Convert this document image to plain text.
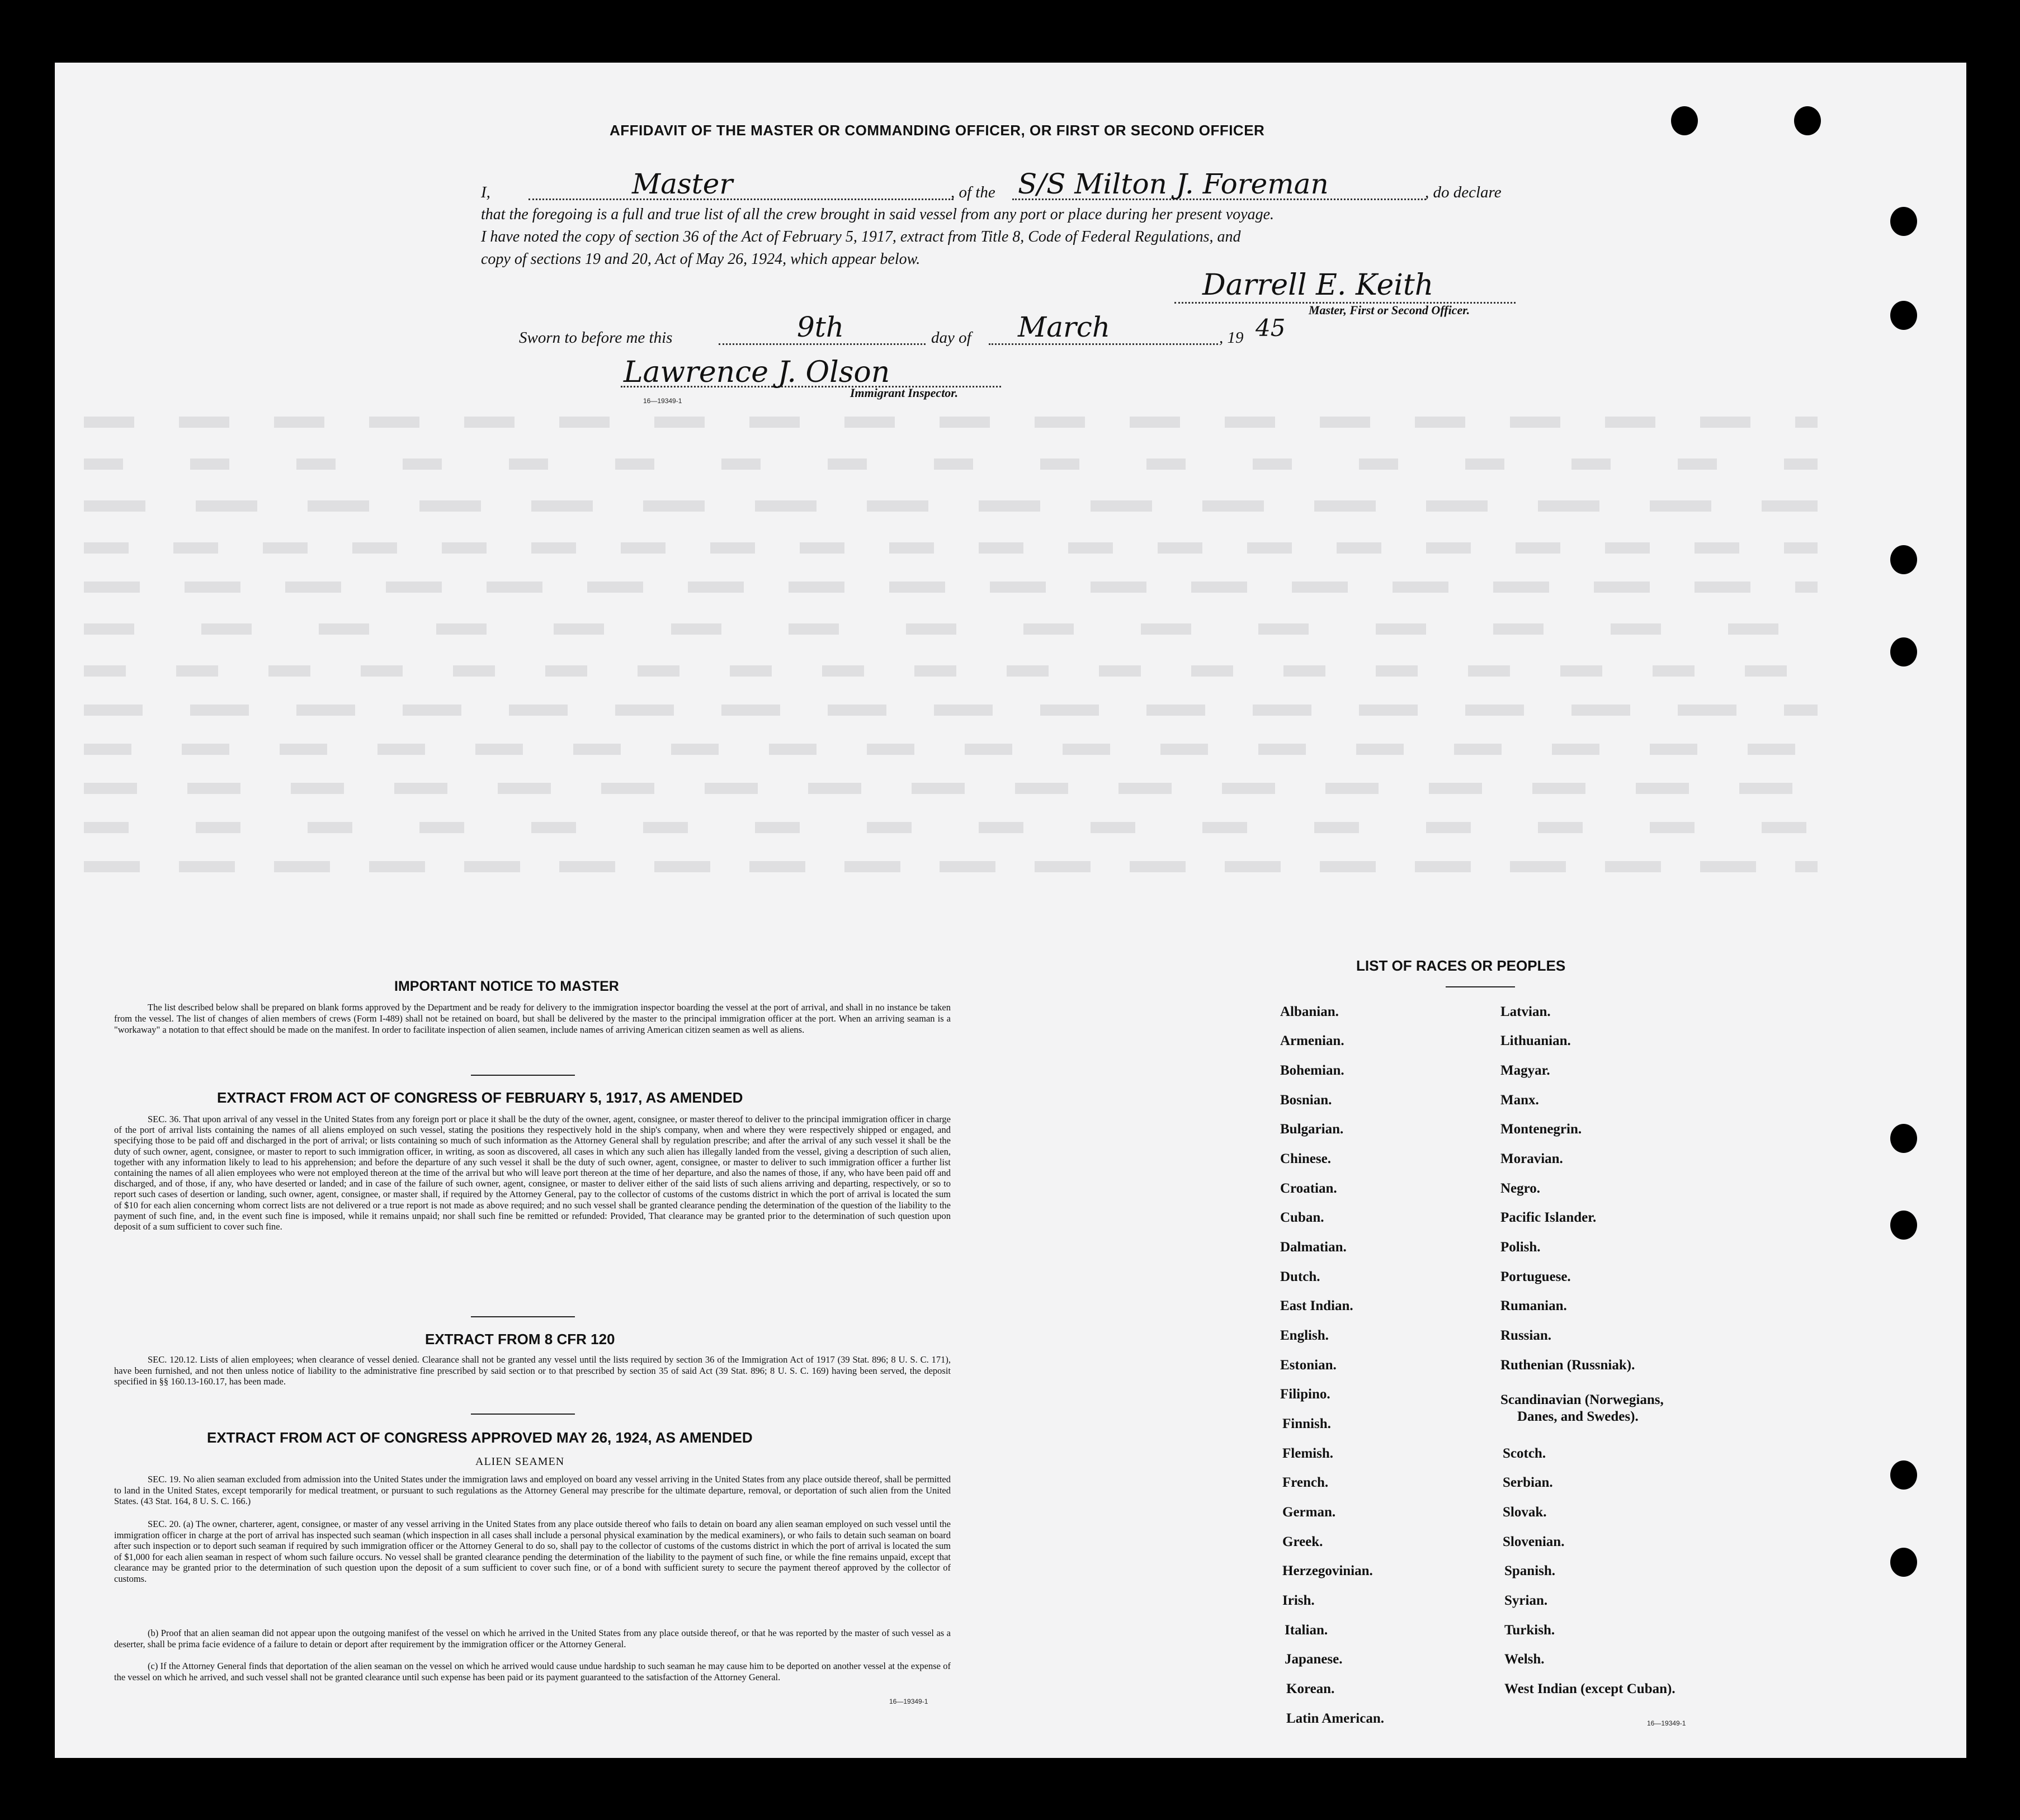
AFFIDAVIT OF THE MASTER OR COMMANDING OFFICER, OR FIRST OR SECOND OFFICER
I,	Master	, of the S/S Milton J. Foreman	, do declare
that the foregoing is a full and true list of all the crew brought in said vessel from any port or place during her present voyage.
I have noted the copy of section 36 of the Act of February 5, 1917, extract from Title 8, Code of Federal Regulations, and
copy of sections 19 and 20, Act of May 26, 1924, which appear below.
Darrell E. Keith
Master, First or Second Officer.
Sworn to before me this	9th	day of March	, 19 45
Lawrence J. Olson
16—19349-1
Immigrant Inspector.
IMPORTANT NOTICE TO MASTER
The list described below shall be prepared on blank forms approved by the Department and be ready for delivery to the immigration inspector boarding the vessel at the port of arrival, and shall in no instance be taken from the vessel. The list of changes of alien members of crews (Form I-489) shall not be retained on board, but shall be delivered by the master to the principal immigration officer at the port. When an arriving seaman is a "workaway" a notation to that effect should be made on the manifest. In order to facilitate inspection of alien seamen, include names of arriving American citizen seamen as well as aliens.
EXTRACT FROM ACT OF CONGRESS OF FEBRUARY 5, 1917, AS AMENDED
SEC. 36. That upon arrival of any vessel in the United States from any foreign port or place it shall be the duty of the owner, agent, consignee, or master thereof to deliver to the principal immigration officer in charge of the port of arrival lists containing the names of all aliens employed on such vessel, stating the positions they respectively hold in the ship's company, when and where they were respectively shipped or engaged, and specifying those to be paid off and discharged in the port of arrival; or lists containing so much of such information as the Attorney General shall by regulation prescribe; and after the arrival of any such vessel it shall be the duty of such owner, agent, consignee, or master to report to such immigration officer, in writing, as soon as discovered, all cases in which any such alien has illegally landed from the vessel, giving a description of such alien, together with any information likely to lead to his apprehension; and before the departure of any such vessel it shall be the duty of such owner, agent, consignee, or master to deliver to such immigration officer a further list containing the names of all alien employees who were not employed thereon at the time of the arrival but who will leave port thereon at the time of her departure, and also the names of those, if any, who have been paid off and discharged, and of those, if any, who have deserted or landed; and in case of the failure of such owner, agent, consignee, or master to deliver either of the said lists of such aliens arriving and departing, respectively, or so to report such cases of desertion or landing, such owner, agent, consignee, or master shall, if required by the Attorney General, pay to the collector of customs of the customs district in which the port of arrival is located the sum of $10 for each alien concerning whom correct lists are not delivered or a true report is not made as above required; and no such vessel shall be granted clearance pending the determination of the question of the liability to the payment of such fine, and, in the event such fine is imposed, while it remains unpaid; nor shall such fine be remitted or refunded: Provided, That clearance may be granted prior to the determination of such question upon deposit of a sum sufficient to cover such fine.
EXTRACT FROM 8 CFR 120
SEC. 120.12. Lists of alien employees; when clearance of vessel denied. Clearance shall not be granted any vessel until the lists required by section 36 of the Immigration Act of 1917 (39 Stat. 896; 8 U. S. C. 171), have been furnished, and not then unless notice of liability to the administrative fine prescribed by said section or to that prescribed by section 35 of said Act (39 Stat. 896; 8 U. S. C. 169) having been served, the deposit specified in §§ 160.13-160.17, has been made.
EXTRACT FROM ACT OF CONGRESS APPROVED MAY 26, 1924, AS AMENDED
ALIEN SEAMEN
SEC. 19. No alien seaman excluded from admission into the United States under the immigration laws and employed on board any vessel arriving in the United States from any place outside thereof, shall be permitted to land in the United States, except temporarily for medical treatment, or pursuant to such regulations as the Attorney General may prescribe for the ultimate departure, removal, or deportation of such alien from the United States. (43 Stat. 164, 8 U. S. C. 166.)
SEC. 20. (a) The owner, charterer, agent, consignee, or master of any vessel arriving in the United States from any place outside thereof who fails to detain on board any alien seaman employed on such vessel until the immigration officer in charge at the port of arrival has inspected such seaman (which inspection in all cases shall include a personal physical examination by the medical examiners), or who fails to detain such seaman on board after such inspection or to deport such seaman if required by such immigration officer or the Attorney General to do so, shall pay to the collector of customs of the customs district in which the port of arrival is located the sum of $1,000 for each alien seaman in respect of whom such failure occurs. No vessel shall be granted clearance pending the determination of the liability to the payment of such fine, or while the fine remains unpaid, except that clearance may be granted prior to the determination of such question upon the deposit of a sum sufficient to cover such fine, or of a bond with sufficient surety to secure the payment thereof approved by the collector of customs.
(b) Proof that an alien seaman did not appear upon the outgoing manifest of the vessel on which he arrived in the United States from any place outside thereof, or that he was reported by the master of such vessel as a deserter, shall be prima facie evidence of a failure to detain or deport after requirement by the immigration officer or the Attorney General.
(c) If the Attorney General finds that deportation of the alien seaman on the vessel on which he arrived would cause undue hardship to such seaman he may cause him to be deported on another vessel at the expense of the vessel on which he arrived, and such vessel shall not be granted clearance until such expense has been paid or its payment guaranteed to the satisfaction of the Attorney General.
16—19349-1
LIST OF RACES OR PEOPLES
Albanian.
Armenian.
Bohemian.
Bosnian.
Bulgarian.
Chinese.
Croatian.
Cuban.
Dalmatian.
Dutch.
East Indian.
English.
Estonian.
Filipino.
Finnish.
Flemish.
French.
German.
Greek.
Herzegovinian.
Irish.
Italian.
Japanese.
Korean.
Latin American.
Latvian.
Lithuanian.
Magyar.
Manx.
Montenegrin.
Moravian.
Negro.
Pacific Islander.
Polish.
Portuguese.
Rumanian.
Russian.
Ruthenian (Russniak).
Scandinavian (Norwegians,
Danes, and Swedes).
Scotch.
Serbian.
Slovak.
Slovenian.
Spanish.
Syrian.
Turkish.
Welsh.
West Indian (except Cuban).
16—19349-1
